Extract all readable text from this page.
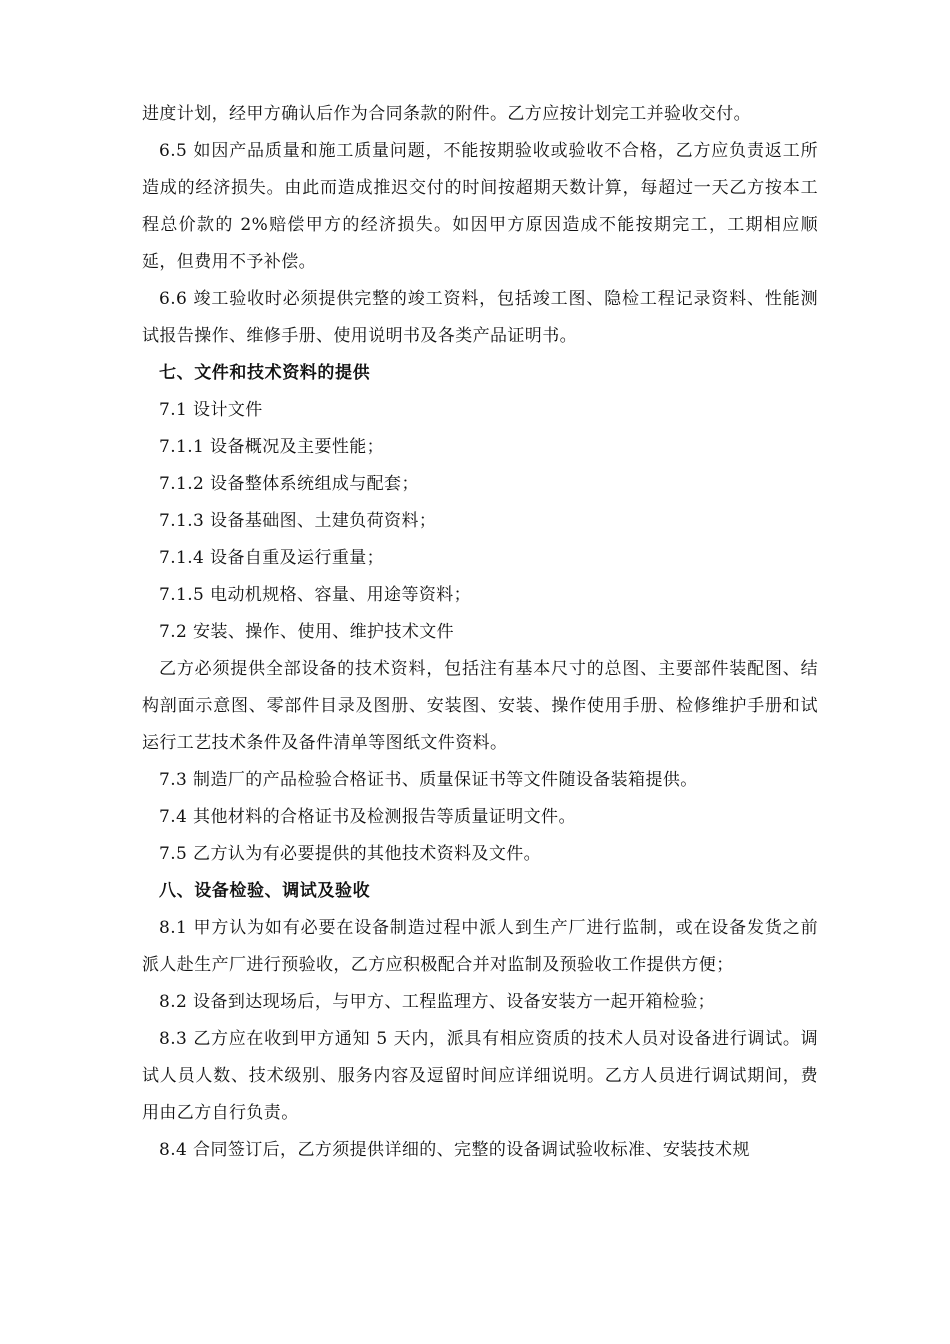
进度计划，经甲方确认后作为合同条款的附件。乙方应按计划完工并验收交付。

6.5 如因产品质量和施工质量问题，不能按期验收或验收不合格，乙方应负责返工所造成的经济损失。由此而造成推迟交付的时间按超期天数计算，每超过一天乙方按本工程总价款的 2%赔偿甲方的经济损失。如因甲方原因造成不能按期完工，工期相应顺延，但费用不予补偿。

6.6 竣工验收时必须提供完整的竣工资料，包括竣工图、隐检工程记录资料、性能测试报告操作、维修手册、使用说明书及各类产品证明书。

七、文件和技术资料的提供

7.1 设计文件

7.1.1 设备概况及主要性能；

7.1.2 设备整体系统组成与配套；

7.1.3 设备基础图、土建负荷资料；

7.1.4 设备自重及运行重量；

7.1.5 电动机规格、容量、用途等资料；

7.2 安装、操作、使用、维护技术文件

乙方必须提供全部设备的技术资料，包括注有基本尺寸的总图、主要部件装配图、结构剖面示意图、零部件目录及图册、安装图、安装、操作使用手册、检修维护手册和试运行工艺技术条件及备件清单等图纸文件资料。

7.3 制造厂的产品检验合格证书、质量保证书等文件随设备装箱提供。

7.4 其他材料的合格证书及检测报告等质量证明文件。

7.5 乙方认为有必要提供的其他技术资料及文件。

八、设备检验、调试及验收

8.1 甲方认为如有必要在设备制造过程中派人到生产厂进行监制，或在设备发货之前派人赴生产厂进行预验收，乙方应积极配合并对监制及预验收工作提供方便；

8.2 设备到达现场后，与甲方、工程监理方、设备安装方一起开箱检验；

8.3 乙方应在收到甲方通知 5 天内，派具有相应资质的技术人员对设备进行调试。调试人员人数、技术级别、服务内容及逗留时间应详细说明。乙方人员进行调试期间，费用由乙方自行负责。

8.4 合同签订后，乙方须提供详细的、完整的设备调试验收标准、安装技术规
